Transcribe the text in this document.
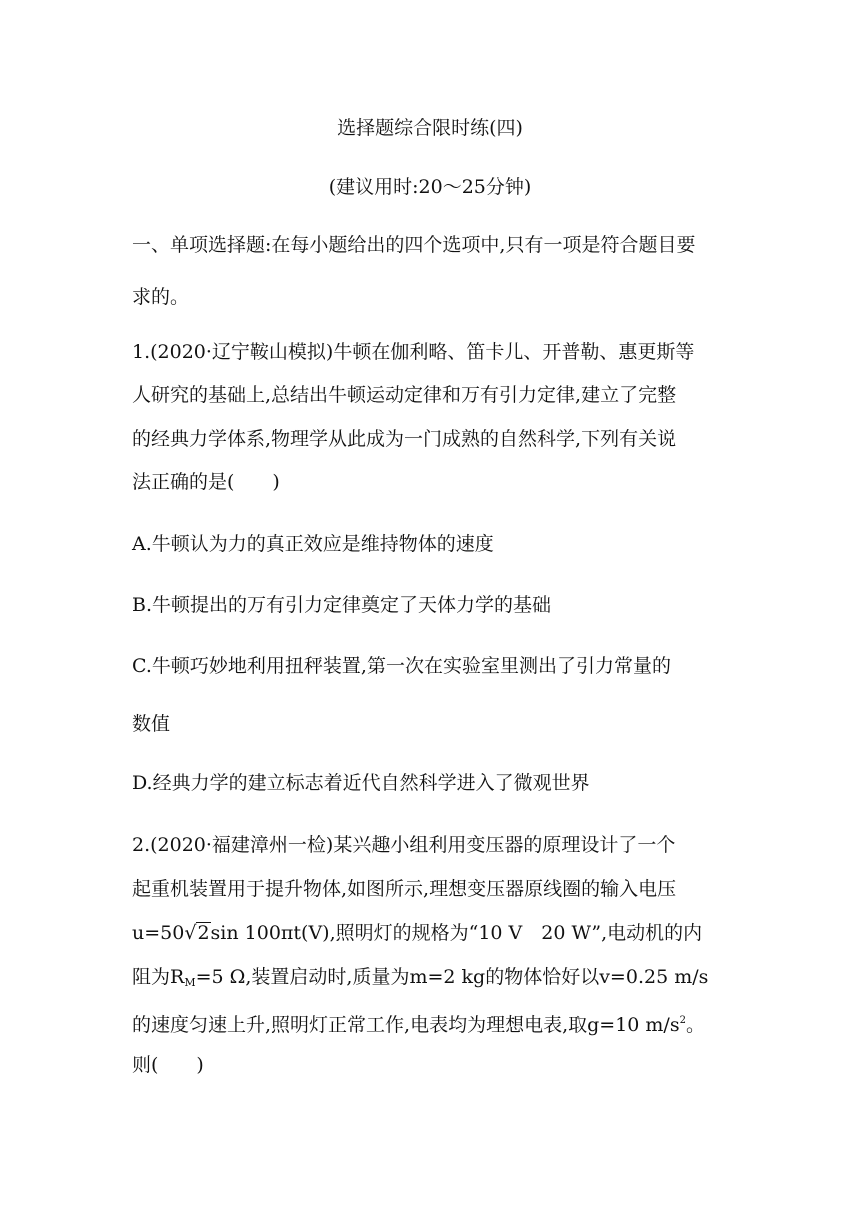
选择题综合限时练(四)
(建议用时:20～25分钟)
一、单项选择题:在每小题给出的四个选项中,只有一项是符合题目要
求的。
1.(2020·辽宁鞍山模拟)牛顿在伽利略、笛卡儿、开普勒、惠更斯等
人研究的基础上,总结出牛顿运动定律和万有引力定律,建立了完整
的经典力学体系,物理学从此成为一门成熟的自然科学,下列有关说
法正确的是(　　)
A.牛顿认为力的真正效应是维持物体的速度
B.牛顿提出的万有引力定律奠定了天体力学的基础
C.牛顿巧妙地利用扭秤装置,第一次在实验室里测出了引力常量的
数值
D.经典力学的建立标志着近代自然科学进入了微观世界
2.(2020·福建漳州一检)某兴趣小组利用变压器的原理设计了一个
起重机装置用于提升物体,如图所示,理想变压器原线圈的输入电压
u=50√2sin 100πt(V),照明灯的规格为“10 V　20 W”,电动机的内
阻为$R_M=5$ Ω,装置启动时,质量为m=2 kg的物体恰好以v=0.25 m/s
的速度匀速上升,照明灯正常工作,电表均为理想电表,取g=10 $m/s^2$。
则(　　)
